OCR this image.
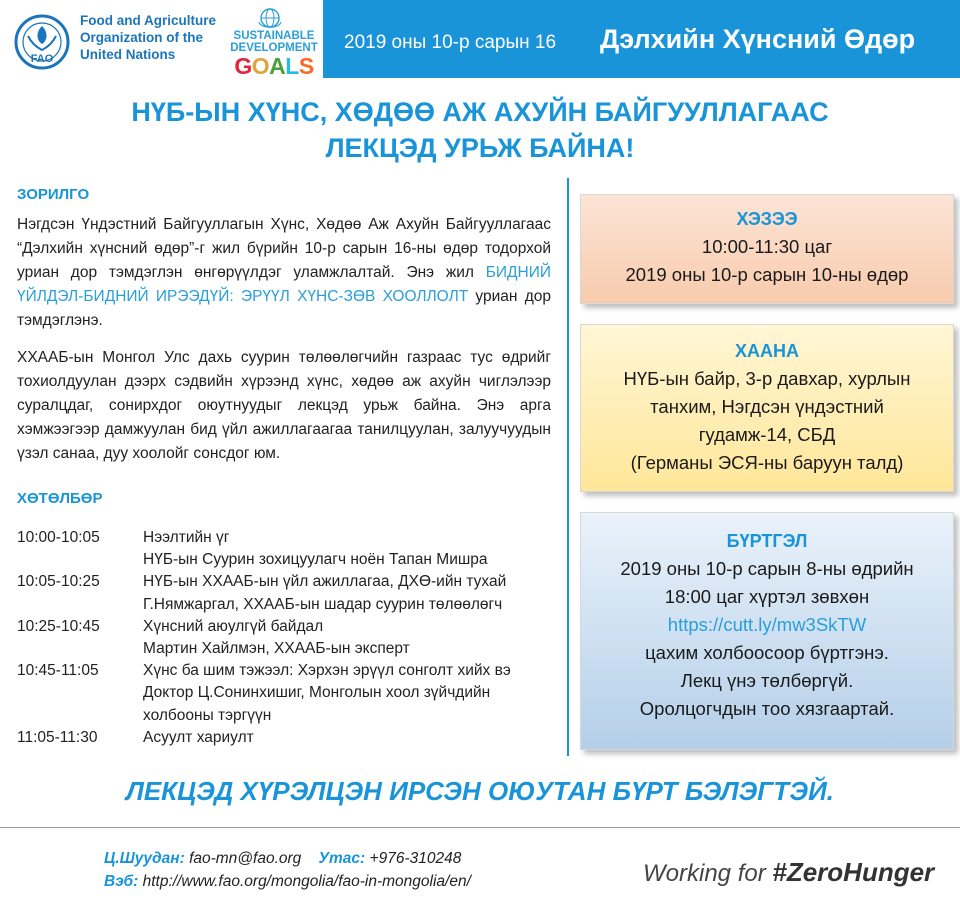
FAO
Food and Agriculture
Organization of the
United Nations
SUSTAINABLE
DEVELOPMENT
GOALS
2019 оны 10-р сарын 16 Дэлхийн Хүнсний Өдөр
НҮБ-ЫН ХҮНС, ХӨДӨӨ АЖ АХУЙН БАЙГУУЛЛАГААС
ЛЕКЦЭД УРЬЖ БАЙНА!
ЗОРИЛГО
Нэгдсэн Үндэстний Байгууллагын Хүнс, Хөдөө Аж Ахуйн Байгууллагаас “Дэлхийн хүнсний өдөр”-г жил бүрийн 10-р сарын 16-ны өдөр тодорхой уриан дор тэмдэглэн өнгөрүүлдэг уламжлалтай. Энэ жил БИДНИЙ ҮЙЛДЭЛ-БИДНИЙ ИРЭЭДҮЙ: ЭРҮҮЛ ХҮНС-ЗӨВ ХООЛЛОЛТ уриан дор тэмдэглэнэ.
ХХААБ-ын Монгол Улс дахь суурин төлөөлөгчийн газраас тус өдрийг тохиолдуулан дээрх сэдвийн хүрээнд хүнс, хөдөө аж ахуйн чиглэлээр суралцдаг, сонирхдог оюутнуудыг лекцэд урьж байна. Энэ арга хэмжээгээр дамжуулан бид үйл ажиллагаагаа танилцуулан, залуучуудын үзэл санаа, дуу хоолойг сонсдог юм.
ХӨТӨЛБӨР
10:00-10:05	Нээлтийн үг
НҮБ-ын Суурин зохицуулагч ноён Тапан Мишра
10:05-10:25	НҮБ-ын ХХААБ-ын үйл ажиллагаа, ДХӨ-ийн тухай
Г.Нямжаргал, ХХААБ-ын шадар суурин төлөөлөгч
10:25-10:45	Хүнсний аюулгүй байдал
Мартин Хайлмэн, ХХААБ-ын эксперт
10:45-11:05	Хүнс ба шим тэжээл: Хэрхэн эрүүл сонголт хийх вэ
Доктор Ц.Сонинхишиг, Монголын хоол зүйчдийн
холбооны тэргүүн
11:05-11:30	Асуулт хариулт
ХЭЗЭЭ
10:00-11:30 цаг
2019 оны 10-р сарын 10-ны өдөр
ХААНА
НҮБ-ын байр, 3-р давхар, хурлын
танхим, Нэгдсэн үндэстний
гудамж-14, СБД
(Германы ЭСЯ-ны баруун талд)
БҮРТГЭЛ
2019 оны 10-р сарын 8-ны өдрийн
18:00 цаг хүртэл зөвхөн
https://cutt.ly/mw3SkTW
цахим холбоосоор бүртгэнэ.
Лекц үнэ төлбөргүй.
Оролцогчдын тоо хязгаартай.
ЛЕКЦЭД ХҮРЭЛЦЭН ИРСЭН ОЮУТАН БҮРТ БЭЛЭГТЭЙ.
Ц.Шуудан: fao-mn@fao.org Утас: +976-310248
Вэб: http://www.fao.org/mongolia/fao-in-mongolia/en/	Working for #ZeroHunger
